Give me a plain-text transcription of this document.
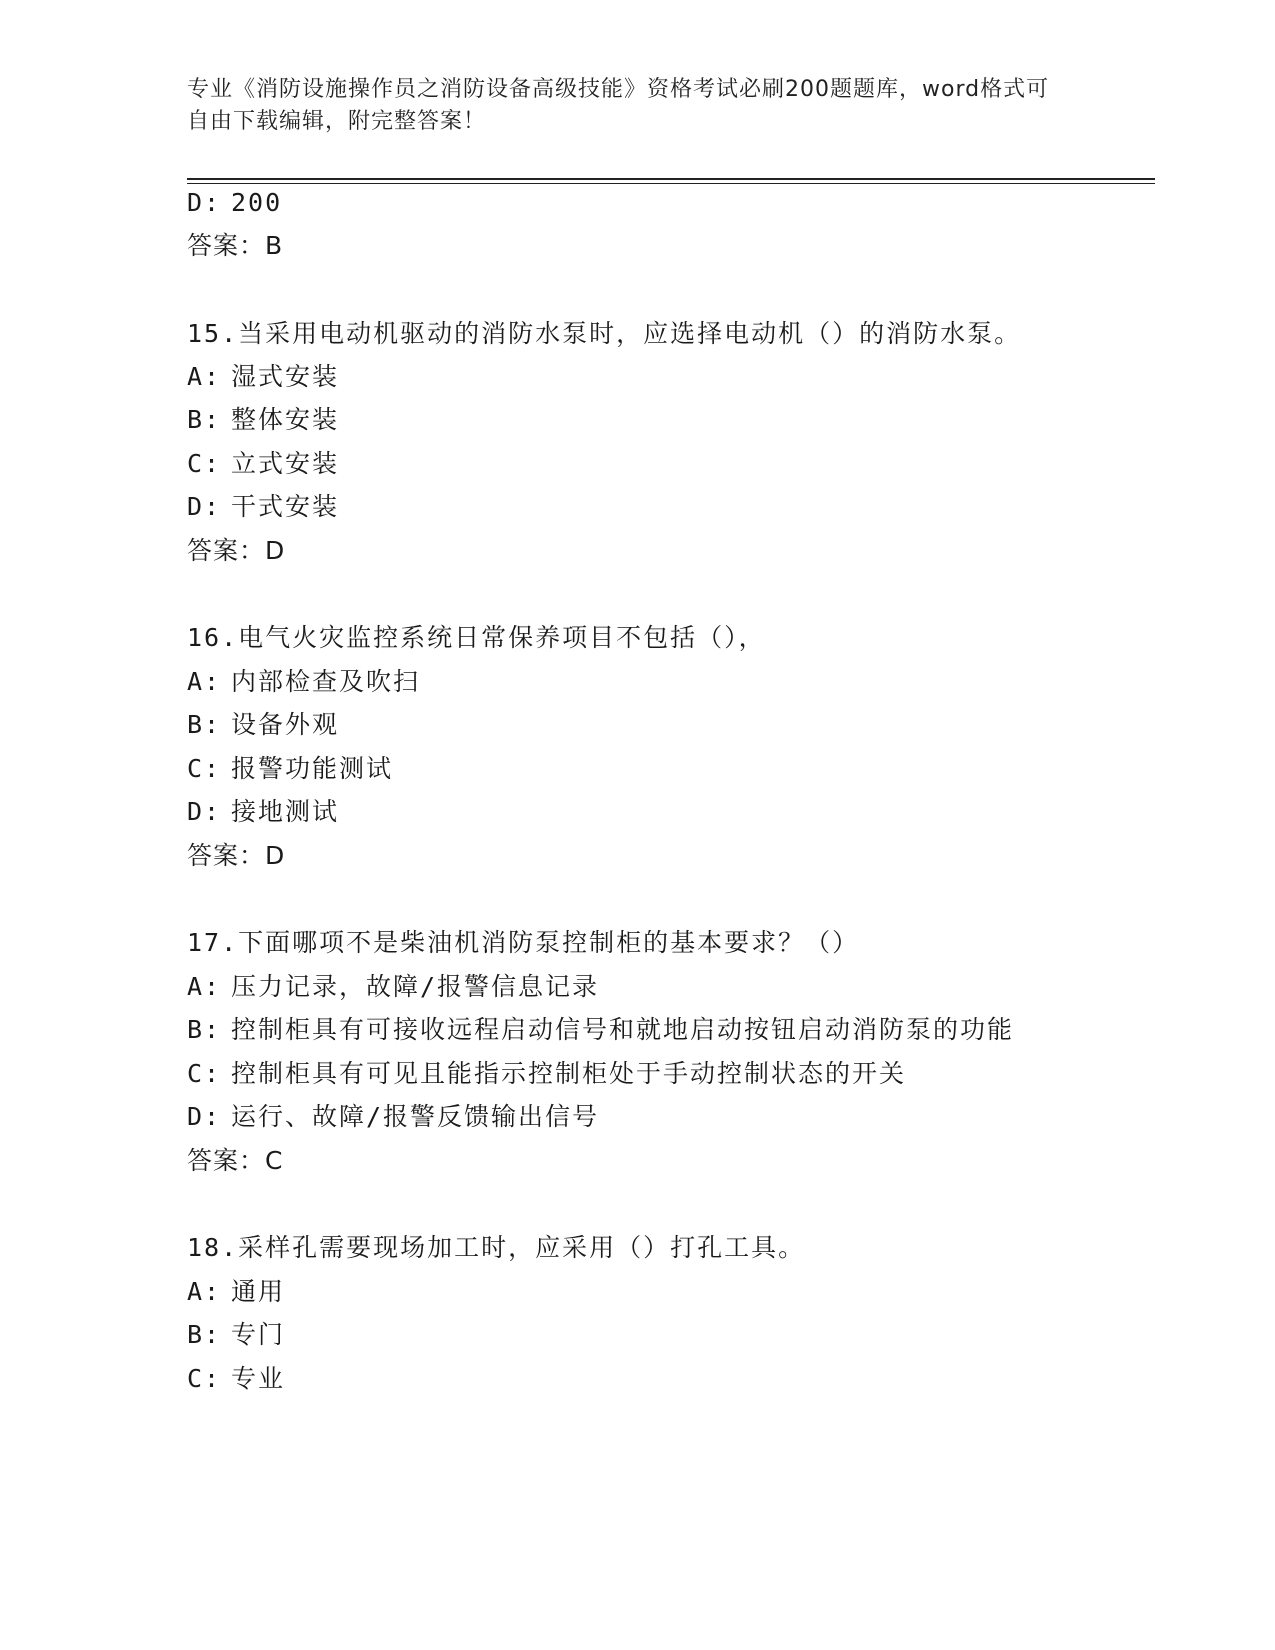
专业《消防设施操作员之消防设备高级技能》资格考试必刷200题题库，word格式可自由下载编辑，附完整答案！
D: 200
答案：B
15.当采用电动机驱动的消防水泵时，应选择电动机（）的消防水泵。
A: 湿式安装
B: 整体安装
C: 立式安装
D: 干式安装
答案：D
16.电气火灾监控系统日常保养项目不包括（），
A: 内部检查及吹扫
B: 设备外观
C: 报警功能测试
D: 接地测试
答案：D
17.下面哪项不是柴油机消防泵控制柜的基本要求？（）
A: 压力记录，故障/报警信息记录
B: 控制柜具有可接收远程启动信号和就地启动按钮启动消防泵的功能
C: 控制柜具有可见且能指示控制柜处于手动控制状态的开关
D: 运行、故障/报警反馈输出信号
答案：C
18.采样孔需要现场加工时，应采用（）打孔工具。
A: 通用
B: 专门
C: 专业
